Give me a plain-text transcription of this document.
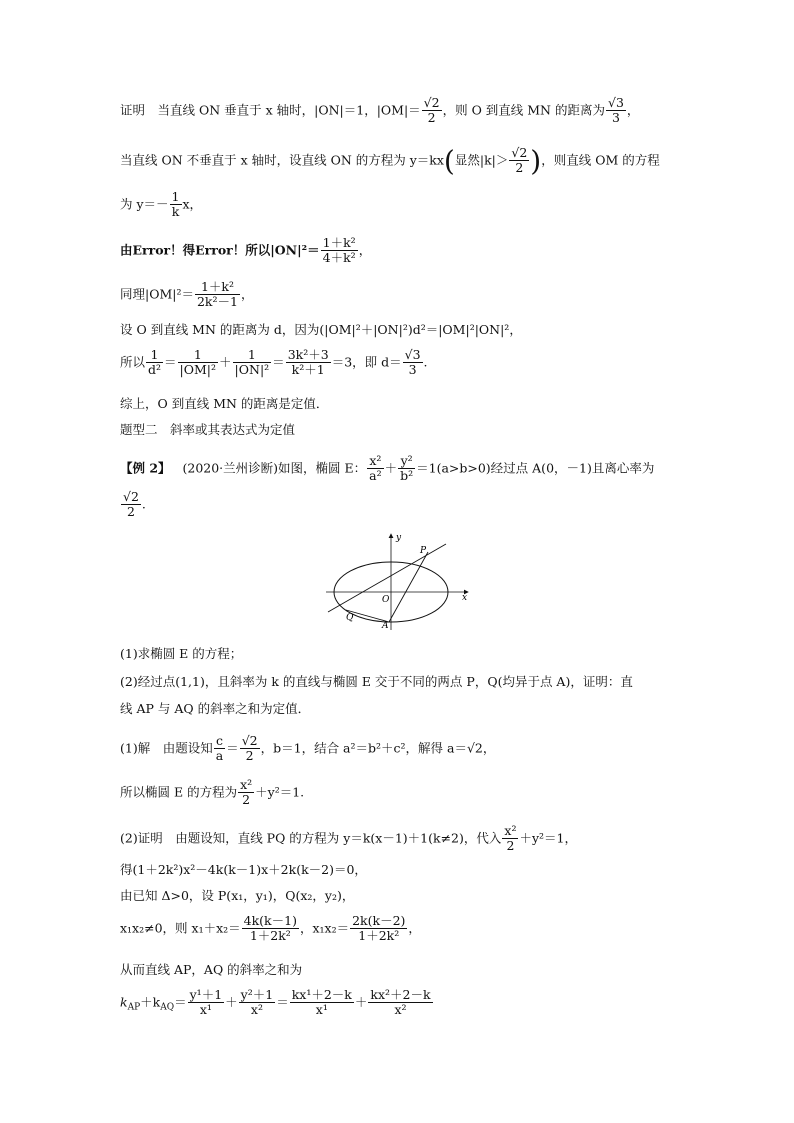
证明　当直线 ON 垂直于 x 轴时，|ON|＝1，$|OM|= \frac{√2}{2}$ ，则 O 到直线 MN 的距离为 $\frac{√3}{3}$ ，
当直线 ON 不垂直于 x 轴时，设直线 ON 的方程为 y＝kx(显然$|k|> \frac{√2}{2}$ )，则直线 OM 的方程
为 $y=- \frac{1}{k}$ x，
由Error！得Error！所以$|ON|^2= \frac{\text{1＋k²}}{\text{4＋k²}}$ ，
同理$|OM|^2= \frac{\text{1＋k²}}{\text{2k²－1}}$ ，
设 O 到直线 MN 的距离为 d，因为(|OM|²＋|ON|²)d²＝|OM|²|ON|²，
所以 $\frac{1}{\text{d²}} = \frac{1}{\text{|OM|²}} + \frac{1}{\text{|ON|²}} = \frac{\text{3k²＋3}}{\text{k²＋1}} =3$，即 $d= \frac{√3}{3}$ .
综上，O 到直线 MN 的距离是定值．
题型二　斜率或其表达式为定值
【例 2】 (2020·兰州诊断)如图，椭圆 E： $\frac{\text{x²}}{\text{a²}} + \frac{\text{y²}}{\text{b²}} =1(a>b>0)$经过点 A(0，－1)且离心率为
$\frac{√2}{2}$ .
y
x
P
O
Q
A
(1)求椭圆 E 的方程；
(2)经过点(1,1)，且斜率为 k 的直线与椭圆 E 交于不同的两点 P，Q(均异于点 A)，证明：直
线 AP 与 AQ 的斜率之和为定值．
(1)解　由题设知 $\frac{c}{a} = \frac{√2}{2}$ ，b＝1，结合 a²＝b²＋c²，解得 a＝√2，
所以椭圆 E 的方程为 $\frac{\text{x²}}{2} +y^2=1$.
(2)证明　由题设知，直线 PQ 的方程为 y＝k(x－1)＋1(k≠2)，代入 $\frac{\text{x²}}{2} +y^2=1$，
得(1＋2k²)x²－4k(k－1)x＋2k(k－2)＝0，
由已知 Δ>0，设 P(x₁，y₁)，Q(x₂，y₂)，
x₁x₂≠0，则 $x_1+x_2= \frac{4k(k-1)}{\text{1＋2k²}}$ ，$x_1x_2= \frac{2k(k-2)}{\text{1＋2k²}}$ ，
从而直线 AP，AQ 的斜率之和为
$k_{AP}+k_{AQ}= \frac{\text{y¹＋1}}{\text{x¹}} + \frac{\text{y²＋1}}{\text{x²}} = \frac{\text{kx¹＋2－k}}{\text{x¹}} + \frac{\text{kx²＋2－k}}{\text{x²}}$
